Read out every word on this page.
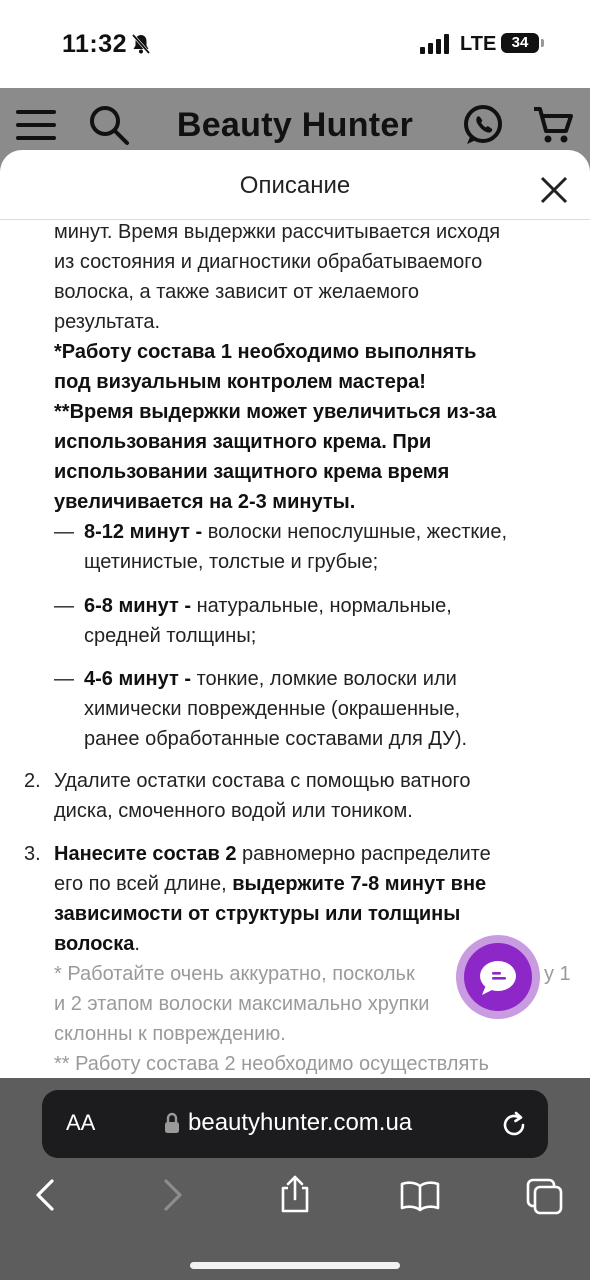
11:32	LTE	34
Beauty Hunter
Описание
минут. Время выдержки рассчитывается исходя
из состояния и диагностики обрабатываемого
волоска, а также зависит от желаемого
результата.
*Работу состава 1 необходимо выполнять
под визуальным контролем мастера!
**Время выдержки может увеличиться из-за
использования защитного крема. При
использовании защитного крема время
увеличивается на 2-3 минуты.
— 8-12 минут - волоски непослушные, жесткие,
щетинистые, толстые и грубые;
— 6-8 минут - натуральные, нормальные,
средней толщины;
— 4-6 минут - тонкие, ломкие волоски или
химически поврежденные (окрашенные,
ранее обработанные составами для ДУ).
2. Удалите остатки состава с помощью ватного
диска, смоченного водой или тоником.
3. Нанесите состав 2 равномерно распределите
его по всей длине, выдержите 7-8 минут вне
зависимости от структуры или толщины
волоска.
* Работайте очень аккуратно, поскольк	у 1
и 2 этапом волоски максимально хрупки
склонны к повреждению.
** Работу состава 2 необходимо осуществлять
AA	beautyhunter.com.ua
